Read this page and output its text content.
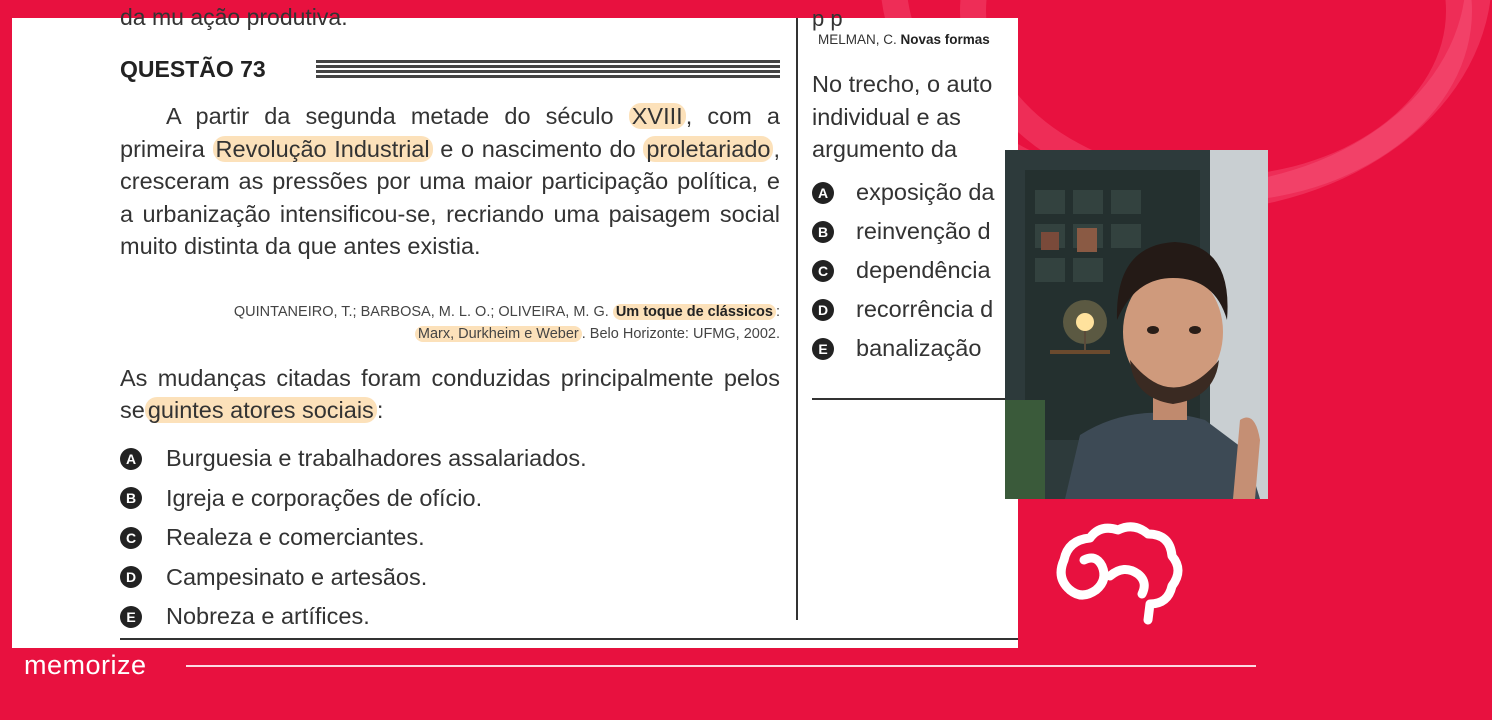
da mu ação produtiva.
QUESTÃO 73
A partir da segunda metade do século XVIII , com a primeira Revolução Industrial e o nascimento do proletariado , cresceram as pressões por uma maior participação política, e a urbanização intensificou-se, recriando uma paisagem social muito distinta da que antes existia.
QUINTANEIRO, T.; BARBOSA, M. L. O.; OLIVEIRA, M. G. Um toque de clássicos :
Marx, Durkheim e Weber . Belo Horizonte: UFMG, 2002.
As mudanças citadas foram conduzidas principalmente pelos se guintes atores sociais :
A Burguesia e trabalhadores assalariados.
B Igreja e corporações de ofício.
C Realeza e comerciantes.
D Campesinato e artesãos.
E Nobreza e artífices.
p p
MELMAN, C. Novas formas
No trecho, o auto
individual e as
argumento da
A exposição da
B reinvenção d
C dependência
D recorrência d
E banalização
memorize
